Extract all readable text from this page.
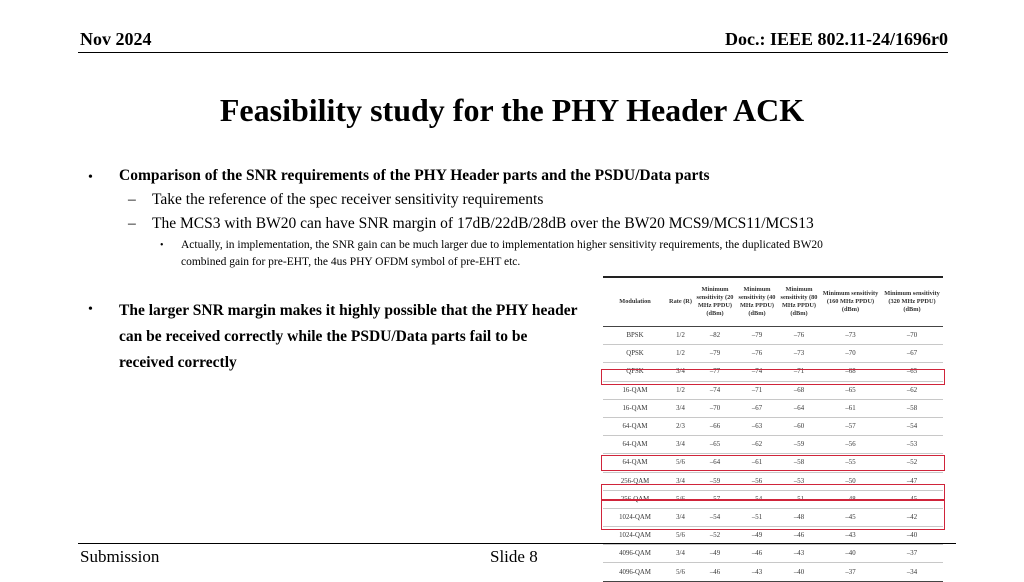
Nov 2024	Doc.: IEEE 802.11-24/1696r0
Feasibility study for the PHY Header ACK
• Comparison of the SNR requirements of the PHY Header parts and the PSDU/Data parts
– Take the reference of the spec receiver sensitivity requirements
– The MCS3 with BW20 can have SNR margin of 17dB/22dB/28dB over the BW20 MCS9/MCS11/MCS13
• Actually, in implementation, the SNR gain can be much larger due to implementation higher sensitivity requirements, the duplicated BW20
combined gain for pre-EHT, the 4us PHY OFDM symbol of pre-EHT etc.
• The larger SNR margin makes it highly possible that the PHY header can be received correctly while the PSDU/Data parts fail to be received correctly
Modulation	Rate (R)	Minimum sensitivity (20 MHz PPDU) (dBm)	Minimum sensitivity (40 MHz PPDU) (dBm)	Minimum sensitivity (80 MHz PPDU) (dBm)	Minimum sensitivity (160 MHz PPDU) (dBm)	Minimum sensitivity (320 MHz PPDU) (dBm)
BPSK	1/2	–82	–79	–76	–73	–70
QPSK	1/2	–79	–76	–73	–70	–67
QPSK	3/4	–77	–74	–71	–68	–65
16-QAM	1/2	–74	–71	–68	–65	–62
16-QAM	3/4	–70	–67	–64	–61	–58
64-QAM	2/3	–66	–63	–60	–57	–54
64-QAM	3/4	–65	–62	–59	–56	–53
64-QAM	5/6	–64	–61	–58	–55	–52
256-QAM	3/4	–59	–56	–53	–50	–47
256-QAM	5/6	–57	–54	–51	–48	–45
1024-QAM	3/4	–54	–51	–48	–45	–42
1024-QAM	5/6	–52	–49	–46	–43	–40
4096-QAM	3/4	–49	–46	–43	–40	–37
4096-QAM	5/6	–46	–43	–40	–37	–34
Submission	Slide 8
